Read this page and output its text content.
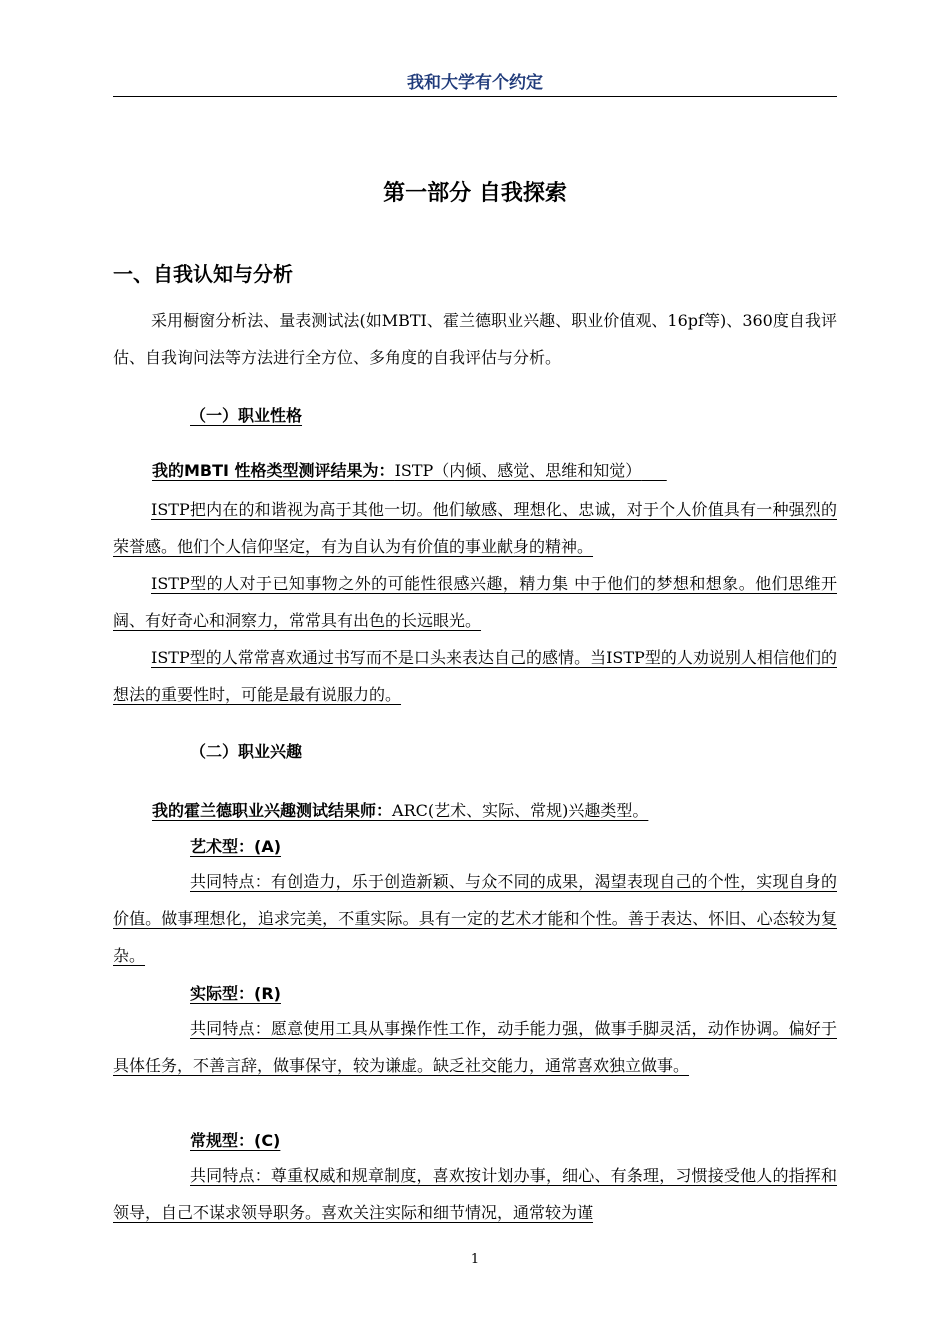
我和大学有个约定
第一部分 自我探索
一、自我认知与分析
采用橱窗分析法、量表测试法(如MBTI、霍兰德职业兴趣、职业价值观、16pf等)、360度自我评估、自我询问法等方法进行全方位、多角度的自我评估与分析。
（一）职业性格
我的MBTI 性格类型测评结果为：ISTP（内倾、感觉、思维和知觉）
ISTP把内在的和谐视为高于其他一切。他们敏感、理想化、忠诚，对于个人价值具有一种强烈的荣誉感。他们个人信仰坚定，有为自认为有价值的事业献身的精神。
ISTP型的人对于已知事物之外的可能性很感兴趣，精力集 中于他们的梦想和想象。他们思维开阔、有好奇心和洞察力，常常具有出色的长远眼光。
ISTP型的人常常喜欢通过书写而不是口头来表达自己的感情。当ISTP型的人劝说别人相信他们的想法的重要性时，可能是最有说服力的。
（二）职业兴趣
我的霍兰德职业兴趣测试结果师：ARC(艺术、实际、常规)兴趣类型。
艺术型：(A)
共同特点：有创造力，乐于创造新颖、与众不同的成果，渴望表现自己的个性，实现自身的价值。做事理想化，追求完美，不重实际。具有一定的艺术才能和个性。善于表达、怀旧、心态较为复杂。
实际型：(R)
共同特点：愿意使用工具从事操作性工作，动手能力强，做事手脚灵活，动作协调。偏好于具体任务，不善言辞，做事保守，较为谦虚。缺乏社交能力，通常喜欢独立做事。
常规型：(C)
共同特点：尊重权威和规章制度，喜欢按计划办事，细心、有条理，习惯接受他人的指挥和领导，自己不谋求领导职务。喜欢关注实际和细节情况，通常较为谨
1
